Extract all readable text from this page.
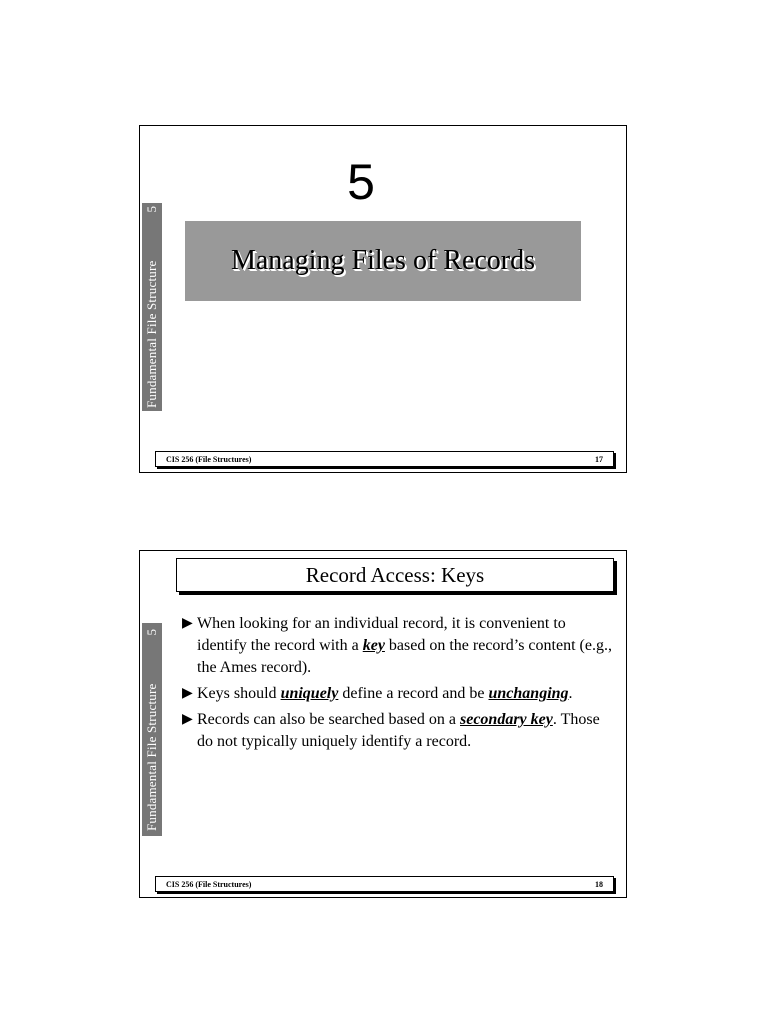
Fundamental File Structure
5	5
Managing Files of Records
CIS 256 (File Structures)	17
Fundamental File Structure
5
Record Access: Keys
▶ When looking for an individual record, it is convenient to identify the record with a key based on the record’s content (e.g., the Ames record).
▶ Keys should uniquely define a record and be unchanging.
▶ Records can also be searched based on a secondary key. Those do not typically uniquely identify a record.
CIS 256 (File Structures)	18
